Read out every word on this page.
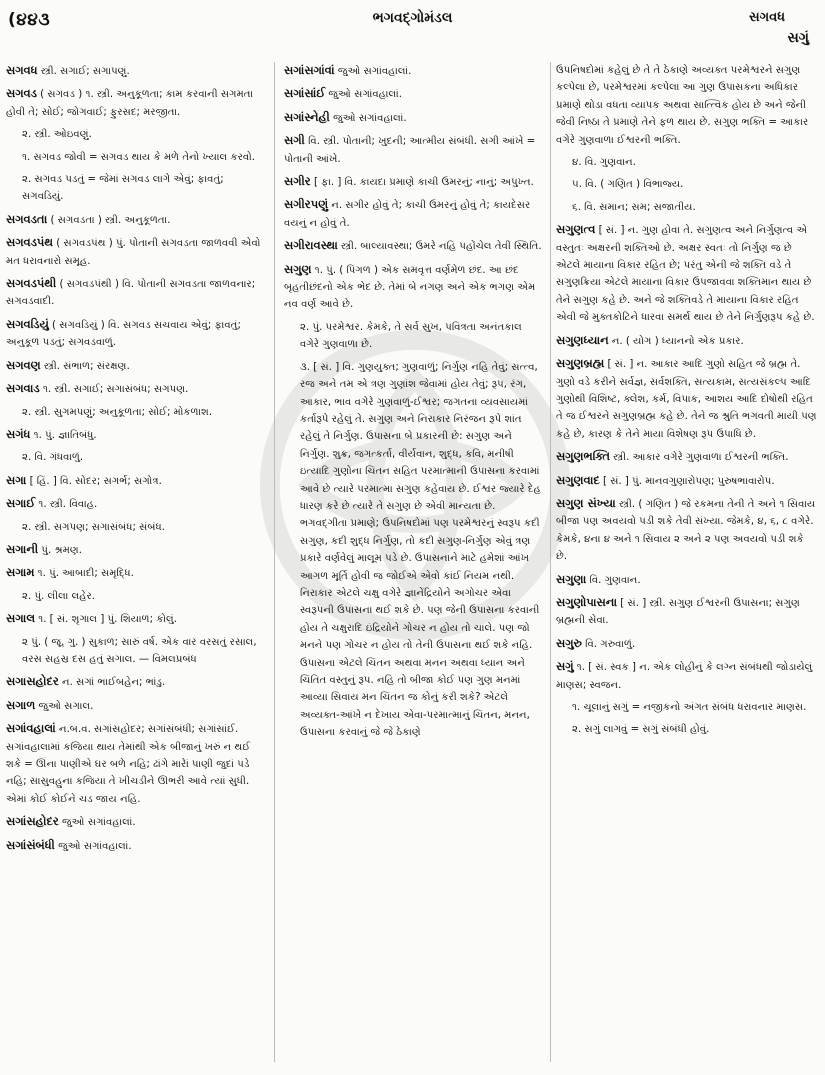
(૪૪૩	ભગવદ્ગોમંડલ	સગવધ
સગું

સગવધ સ્ત્રી. સગાઈ; સગાપણું.

સગવડ ( સગવડ ) ૧. સ્ત્રી. અનુકૂળતા; કામ કરવાની સગમતા હોવી તે; સોઈ; જોગવાઈ; ફુરસદ; મરજીતા.

૨. સ્ત્રી. ઓઇવણું.

૧. સગવડ જોવી = સગવડ થાય કે મળે તેનો ખ્યાલ કરવો.

૨. સગવડ પડતું = જેમાં સગવડ લાગે એવું; ફાવતું; સગવડિયું.

સગવડતા ( સગવડતા ) સ્ત્રી. અનુકૂળતા.

સગવડપંથ ( સગવડપંથ ) પું. પોતાની સગવડતા જાળવવી એવો મત ધરાવનારો સમૂહ.

સગવડપંથી ( સગવડપંથી ) વિ. પોતાની સગવડતા જાળવનાર; સગવડવાદી.

સગવડિયું ( સગવડિયું ) વિ. સગવડ સચવાય એવું; ફાવતું; અનુકૂળ પડતું; સગવડવાળું.

સગવણ સ્ત્રી. સંભાળ; સંરક્ષણ.

સગવાડ ૧. સ્ત્રી. સગાઈ; સગાસંબંધ; સગપણ.

૨. સ્ત્રી. સુગમપણું; અનુકૂળતા; સોઈ; મોકળાશ.

સગંધ ૧. પું. જ્ઞાતિબંધુ.

૨. વિ. ગંધવાળું.

સગા [ હિં. ] વિ. સોદર; સગર્ભ; સગોત્ર.

સગાઈ ૧. સ્ત્રી. વિવાહ.

૨. સ્ત્રી. સગપણ; સગાસંબંધ; સંબંધ.

સગાની પું. શ્રમણ.

સગામ ૧. પું. આબાદી; સમૃદ્ધિ.

૨. પું. લીલા લહેર.

સગાલ ૧. [ સં. શૃગાલ ] પું. શિયાળ; કોલું.

૨ પું. ( જૂ. ગુ. ) સુકાળ; સારું વર્ષ. એક વાર વરસતું રસાલ, વરસ સહસ્ર દસ હતું સગાલ. — વિમલપ્રબંધ

સગાસહોદર ન. સગાં ભાઈબહેન; ભાંડુ.

સગાળ જુઓ સગાલ.

સગાંવહાલાં ન.બ.વ. સગાંસહોદર; સગાંસંબંધી; સગાંસાંઈ. સગાંવહાલામાં કજિયા થાય તેમાંથી એક બીજાનું ખરું ન થઈ શકે = ઊંના પાણીએ ઘર બળે નહિ; ઢાંગે મારેાં પાણી જુદાં પડે નહિ; સાસુવહુના કજિયા તે ખીચડીને ઊભરી આવે ત્યાં સુધી. એમાં કોઈ કોઈને ચડ જાય નહિ.

સગાંસહોદર જુઓ સગાંવહાલાં.

સગાંસંબંધી જુઓ સગાંવહાલાં.

સગાંસગાંવાં જુઓ સગાંવહાલાં.

સગાંસાંઈ જુઓ સગાંવહાલાં.

સગાંસ્નેહી જુઓ સગાંવહાલાં.

સગી વિ. સ્ત્રી. પોતાની; ખુદની; આત્મીય સંબંધી. સગી આંખે = પોતાની આંખે.

સગીર [ ફા. ] વિ. કાયદા પ્રમાણે કાચી ઉમરનું; નાનું; અપુખ્ત.

સગીરપણું ન. સગીર હોવું તે; કાચી ઉમરનું હોવું તે; કાયદેસર વયનું ન હોવું તે.

સગીરાવસ્થા સ્ત્રી. બાલ્યાવસ્થા; ઉમરે નહિ પહોંચેલ તેવી સ્થિતિ.

સગુણ ૧. પું. ( પિંગળ ) એક સમવૃત્ત વર્ણમેળ છંદ. આ છંદ બૃહતીછંદનો એક ભેદ છે. તેમાં બે નગણ અને એક ભગણ એમ નવ વર્ણ આવે છે.

૨. પું. પરમેશ્વર. કેમકે, તે સર્વ સુખ, પવિત્રતા અનંતકાલ વગેરે ગુણવાળા છે.

૩. [ સં. ] વિ. ગુણયુક્ત; ગુણવાળું; નિર્ગુણ નહિ તેવું; સત્ત્વ, રજ અને તમ એ ત્રણ ગુણાંશ જેવામાં હોય તેવું; રૂપ, રંગ, આકાર, ભાવ વગેરે ગુણવાળું-ઈશ્વર; જગતના વ્યવસાયમાં કર્તારૂપે રહેલું તે. સગુણ અને નિરાકાર નિરંજન રૂપે શાંત રહેલું તે નિર્ગુણ. ઉપાસના બે પ્રકારની છે: સગુણ અને નિર્ગુણ. શુક્ર, જગત્કર્તા, વીર્યવાન, શુદ્ધ, કવિ, મનીષી ઇત્યાદિ ગુણોના ચિંતન સહિત પરમાત્માની ઉપાસના કરવામાં આવે છે ત્યારે પરમાત્મા સગુણ કહેવાય છે. ઈશ્વર જ્યારે દેહ ધારણ કરે છે ત્યારે તે સગુણ છે એવી માન્યતા છે. ભગવદ્ગીતા પ્રમાણે; ઉપનિષદોમાં પણ પરમેશ્વરનું સ્વરૂપ કદી સગુણ, કદી શુદ્ધ નિર્ગુણ, તો કદી સગુણ-નિર્ગુણ એવું ત્રણ પ્રકારે વર્ણવેલું માલૂમ પડે છે. ઉપાસનાને માટે હમેશાં આંખ આગળ મૂર્તિ હોવી જ જોઈએ એવો કાંઈ નિયમ નથી. નિરાકાર એટલે ચક્ષુ વગેરે જ્ઞાનેંદ્રિયોને અગોચર એવા સ્વરૂપની ઉપાસના થઈ શકે છે. પણ જેની ઉપાસના કરવાની હોય તે ચક્ષુરાદિ ઇંદ્રિયોને ગોચર ન હોય તો ચાલે. પણ જો મનને પણ ગોચર ન હોય તો તેની ઉપાસના થઈ શકે નહિ. ઉપાસના એટલે ચિંતન અથવા મનન અથવા ધ્યાન અને ચિંતિત વસ્તુનું રૂપ. નહિ તો બીજા કોઈ પણ ગુણ મનમાં આવ્યા સિવાય મન ચિંતન જ કોનું કરી શકે? એટલે અવ્યક્ત-આંખે ન દેખાય એવા-પરમાત્માનું ચિંતન, મનન, ઉપાસના કરવાનું જે જે ઠેકાણે

ઉપનિષદોમાં કહેલું છે તે તે ઠેકાણે અવ્યક્ત પરમેશ્વરને સગુણ કલ્પેલા છે, પરમેશ્વરમાં કલ્પેલા આ ગુણ ઉપાસકના અધિકાર પ્રમાણે થોડા વધતા વ્યાપક અથવા સાત્ત્વિક હોય છે અને જેની જેવી નિષ્ઠા તે પ્રમાણે તેને ફળ થાય છે. સગુણ ભક્તિ = આકાર વગેરે ગુણવાળા ઈશ્વરની ભક્તિ.

૪. વિ. ગુણવાન.

૫. વિ. ( ગણિત ) વિભાજ્ય.

૬. વિ. સમાન; સમ; સજાતીય.

સગુણત્વ [ સં. ] ન. ગુણ હોવા તે. સગુણત્વ અને નિર્ગુણત્વ એ વસ્તુતઃ અક્ષરની શક્તિઓ છે. અક્ષર સ્વતઃ તો નિર્ગુણ જ છે એટલે માયાના વિકાર રહિત છે; પરંતુ એની જે શક્તિ વડે તે સગુણક્રિયા એટલે માયાના વિકાર ઉપજાવવા શક્તિમાન થાય છે તેને સગુણ કહે છે. અને જે શક્તિવડે તે માયાના વિકાર રહિત એવી જે મુક્તકોટિને ધારવા સમર્થ થાય છે તેને નિર્ગુણરૂપ કહે છે.

સગુણધ્યાન ન. ( યોગ ) ધ્યાનનો એક પ્રકાર.

સગુણબ્રહ્મ [ સં. ] ન. આકાર આદિ ગુણો સહિત જે બ્રહ્મ તે. ગુણો વડે કરીને સર્વજ્ઞ, સર્વશક્તિ, સત્યકામ, સત્યસંકલ્પ આદિ ગુણોથી વિશિષ્ટ, ક્લેશ, કર્મ, વિપાક, આશય આદિ દોષોથી રહિત તે જ ઈશ્વરને સગુણબ્રહ્મ કહે છે. તેને જ શ્રુતિ ભગવતી માયી પણ કહે છે, કારણ કે તેને માયા વિશેષણ રૂપ ઉપાધિ છે.

સગુણભક્તિ સ્ત્રી. આકાર વગેરે ગુણવાળા ઈશ્વરની ભક્તિ.

સગુણવાદ [ સં. ] પું. માનવગુણારોપણ; પુરુષભાવારોપ.

સગુણ સંખ્યા સ્ત્રી. ( ગણિત ) જે રકમના તેની તે અને ૧ સિવાય બીજા પણ અવયવો પડી શકે તેવી સંખ્યા. જેમકે, ૪, ૬, ૮ વગેરે. કેમકે, ૪ના ૪ અને ૧ સિવાય ૨ અને ૨ પણ અવયવો પડી શકે છે.

સગુણા વિ. ગુણવાન.

સગુણોપાસના [ સં. ] સ્ત્રી. સગુણ ઈશ્વરની ઉપાસના; સગુણ બ્રહ્મની સેવા.

સગુરુ વિ. ગરુવાળું.

સગું ૧. [ સં. સ્વક ] ન. એક લોહીનું કે લગ્ન સંબંધથી જોડાયેલું માણસ; સ્વજન.

૧. ચૂલાનું સગું = નજીકનો અંગત સંબંધ ધરાવનાર માણસ.

૨. સગું લાગવું = સગું સંબંધી હોવું.
